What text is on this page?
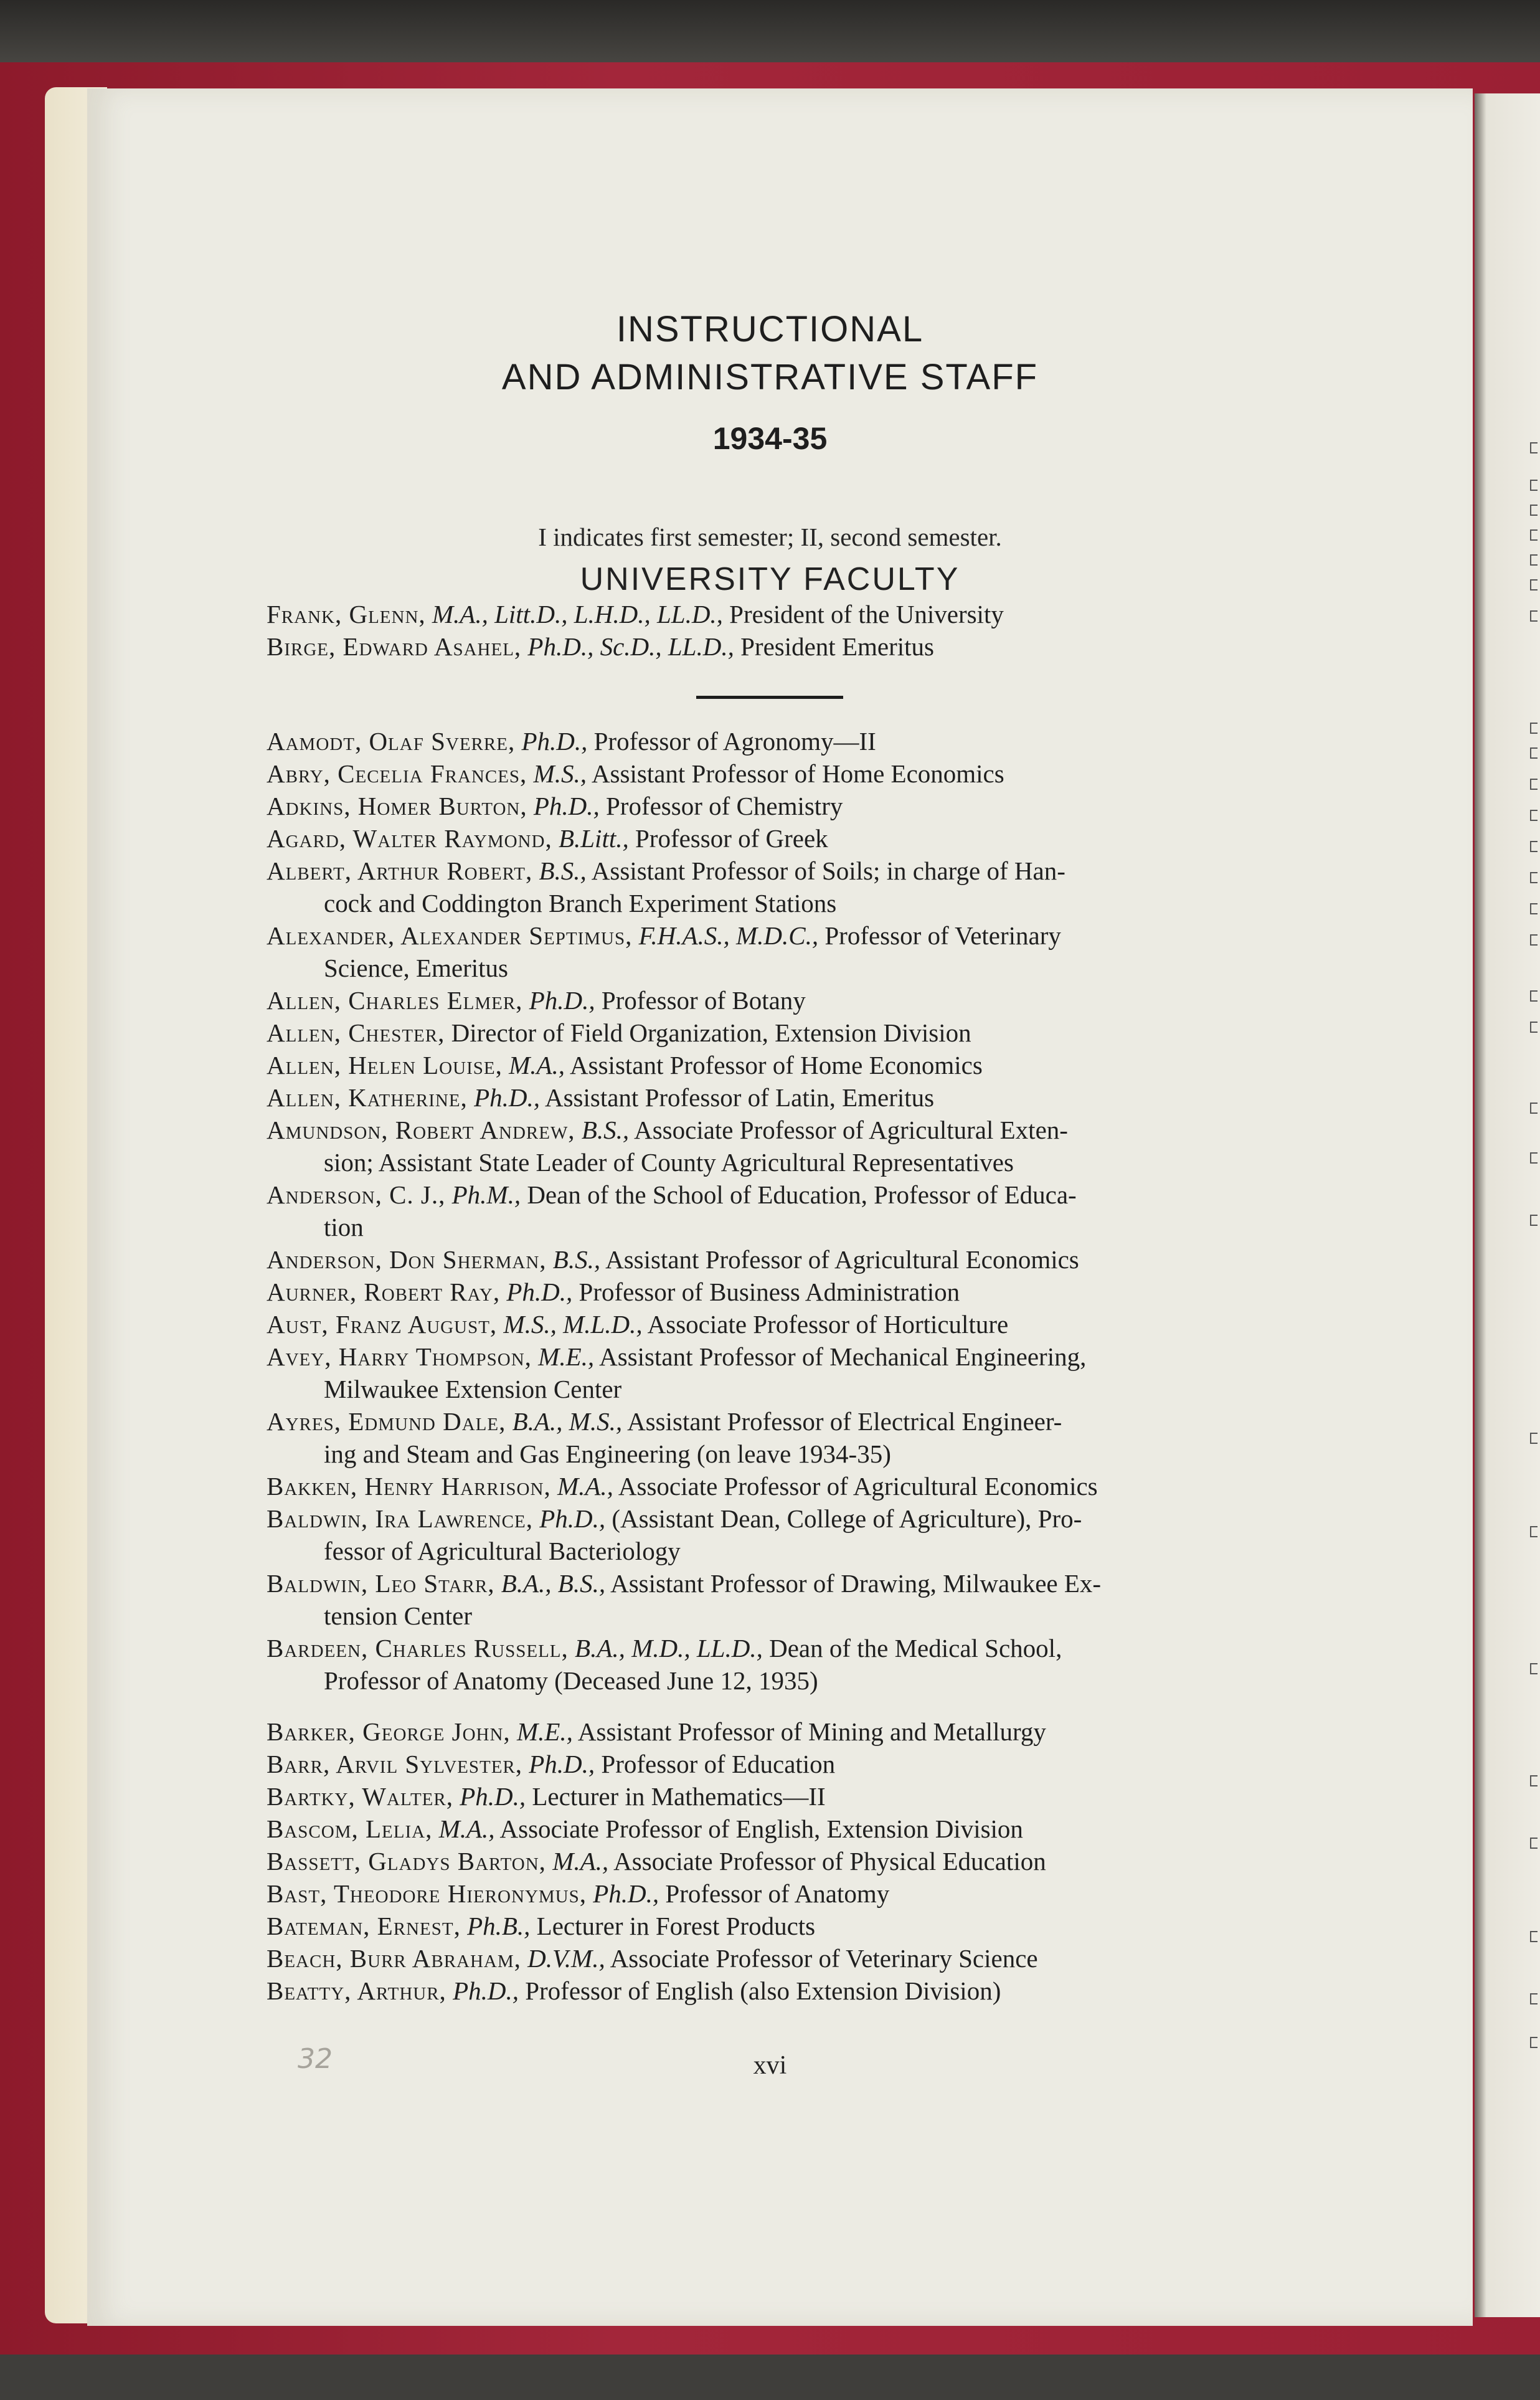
INSTRUCTIONAL
AND ADMINISTRATIVE STAFF
1934-35
I indicates first semester; II, second semester.
UNIVERSITY FACULTY
Frank, Glenn, M.A., Litt.D., L.H.D., LL.D., President of the University
Birge, Edward Asahel, Ph.D., Sc.D., LL.D., President Emeritus
Aamodt, Olaf Sverre, Ph.D., Professor of Agronomy—II
Abry, Cecelia Frances, M.S., Assistant Professor of Home Economics
Adkins, Homer Burton, Ph.D., Professor of Chemistry
Agard, Walter Raymond, B.Litt., Professor of Greek
Albert, Arthur Robert, B.S., Assistant Professor of Soils; in charge of Han-
cock and Coddington Branch Experiment Stations
Alexander, Alexander Septimus, F.H.A.S., M.D.C., Professor of Veterinary
Science, Emeritus
Allen, Charles Elmer, Ph.D., Professor of Botany
Allen, Chester, Director of Field Organization, Extension Division
Allen, Helen Louise, M.A., Assistant Professor of Home Economics
Allen, Katherine, Ph.D., Assistant Professor of Latin, Emeritus
Amundson, Robert Andrew, B.S., Associate Professor of Agricultural Exten-
sion; Assistant State Leader of County Agricultural Representatives
Anderson, C. J., Ph.M., Dean of the School of Education, Professor of Educa-
tion
Anderson, Don Sherman, B.S., Assistant Professor of Agricultural Economics
Aurner, Robert Ray, Ph.D., Professor of Business Administration
Aust, Franz August, M.S., M.L.D., Associate Professor of Horticulture
Avey, Harry Thompson, M.E., Assistant Professor of Mechanical Engineering,
Milwaukee Extension Center
Ayres, Edmund Dale, B.A., M.S., Assistant Professor of Electrical Engineer-
ing and Steam and Gas Engineering (on leave 1934-35)
Bakken, Henry Harrison, M.A., Associate Professor of Agricultural Economics
Baldwin, Ira Lawrence, Ph.D., (Assistant Dean, College of Agriculture), Pro-
fessor of Agricultural Bacteriology
Baldwin, Leo Starr, B.A., B.S., Assistant Professor of Drawing, Milwaukee Ex-
tension Center
Bardeen, Charles Russell, B.A., M.D., LL.D., Dean of the Medical School,
Professor of Anatomy (Deceased June 12, 1935)
Barker, George John, M.E., Assistant Professor of Mining and Metallurgy
Barr, Arvil Sylvester, Ph.D., Professor of Education
Bartky, Walter, Ph.D., Lecturer in Mathematics—II
Bascom, Lelia, M.A., Associate Professor of English, Extension Division
Bassett, Gladys Barton, M.A., Associate Professor of Physical Education
Bast, Theodore Hieronymus, Ph.D., Professor of Anatomy
Bateman, Ernest, Ph.B., Lecturer in Forest Products
Beach, Burr Abraham, D.V.M., Associate Professor of Veterinary Science
Beatty, Arthur, Ph.D., Professor of English (also Extension Division)
32	xvi
